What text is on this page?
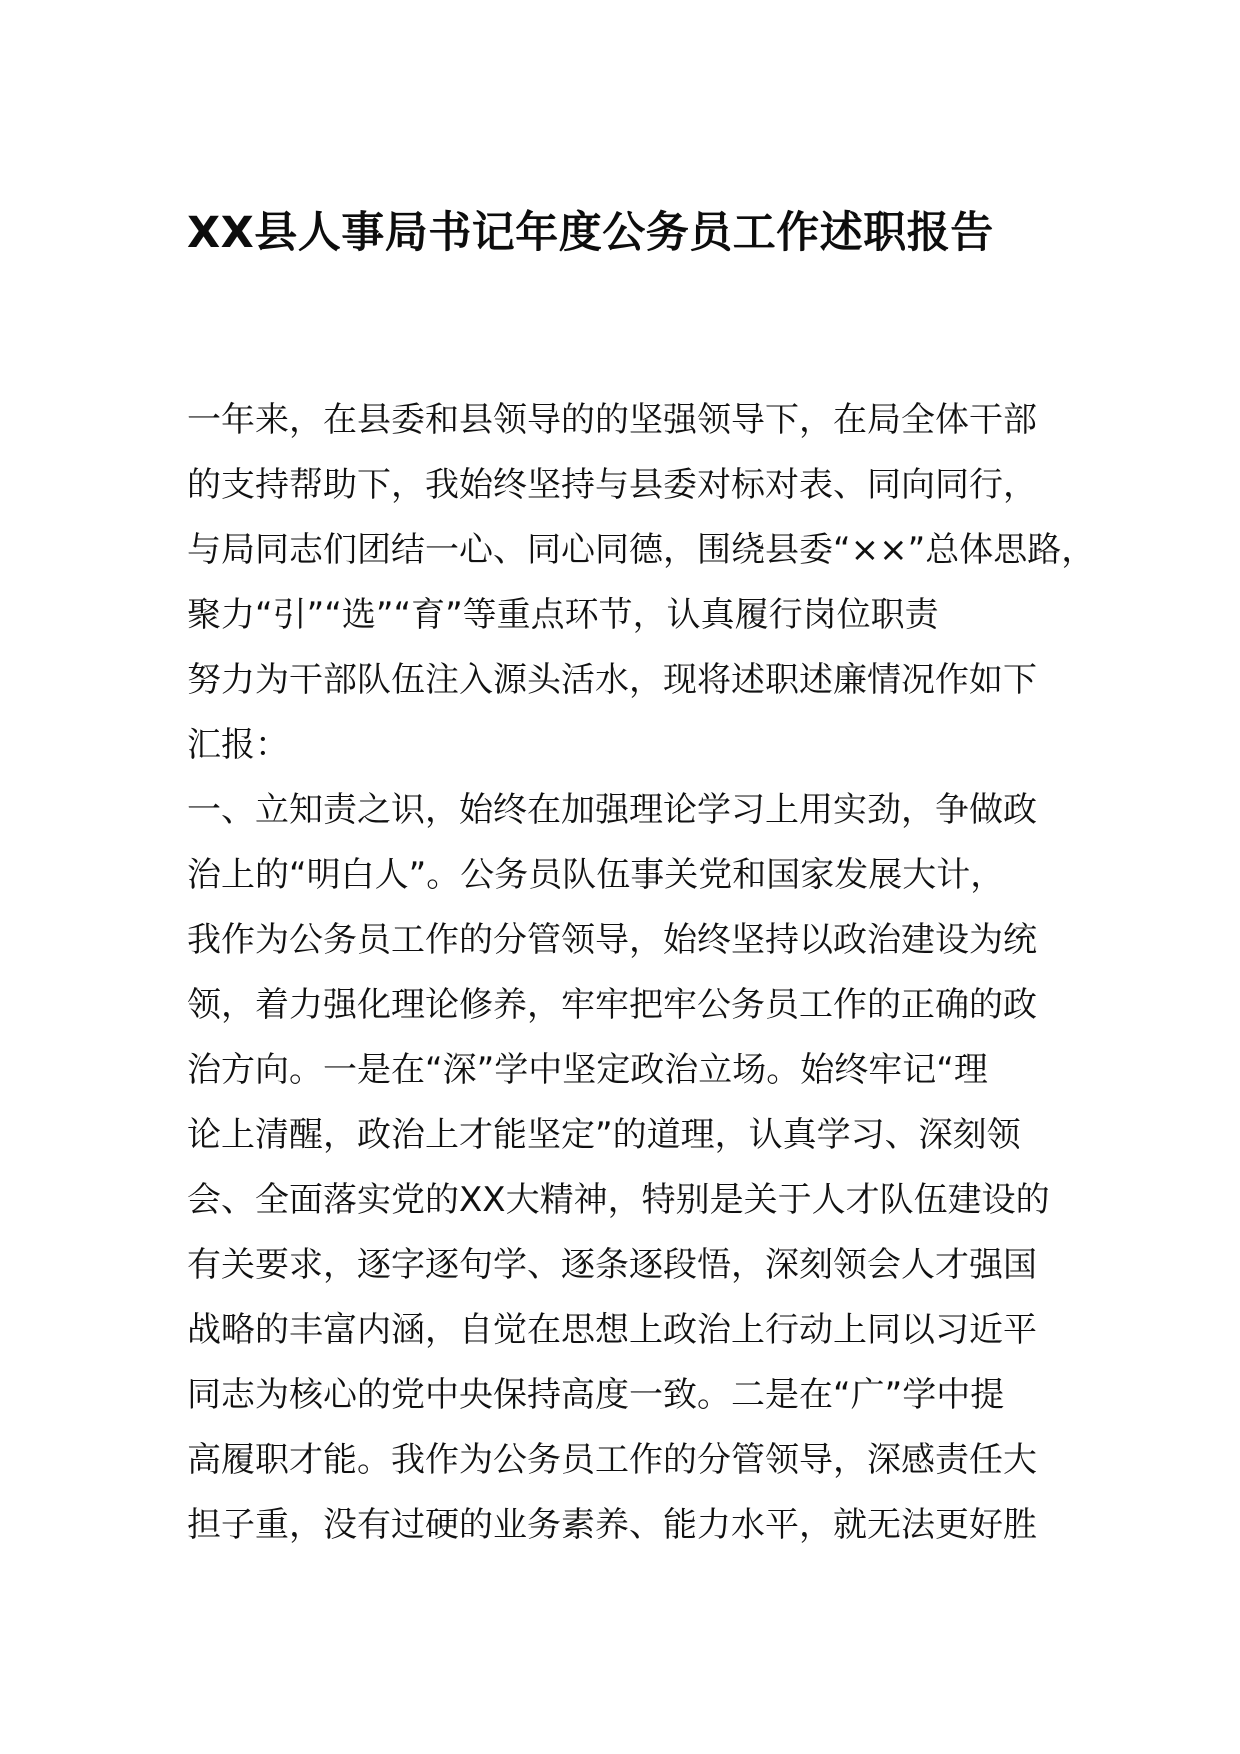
XX县人事局书记年度公务员工作述职报告
一年来，在县委和县领导的的坚强领导下，在局全体干部
的支持帮助下，我始终坚持与县委对标对表、同向同行，
与局同志们团结一心、同心同德，围绕县委“××”总体思路，
聚力“引”“选”“育”等重点环节，认真履行岗位职责
努力为干部队伍注入源头活水，现将述职述廉情况作如下
汇报：
一、立知责之识，始终在加强理论学习上用实劲，争做政
治上的“明白人”。公务员队伍事关党和国家发展大计，
我作为公务员工作的分管领导，始终坚持以政治建设为统
领，着力强化理论修养，牢牢把牢公务员工作的正确的政
治方向。一是在“深”学中坚定政治立场。始终牢记“理
论上清醒，政治上才能坚定”的道理，认真学习、深刻领
会、全面落实党的XX大精神，特别是关于人才队伍建设的
有关要求，逐字逐句学、逐条逐段悟，深刻领会人才强国
战略的丰富内涵，自觉在思想上政治上行动上同以习近平
同志为核心的党中央保持高度一致。二是在“广”学中提
高履职才能。我作为公务员工作的分管领导，深感责任大
担子重，没有过硬的业务素养、能力水平，就无法更好胜
